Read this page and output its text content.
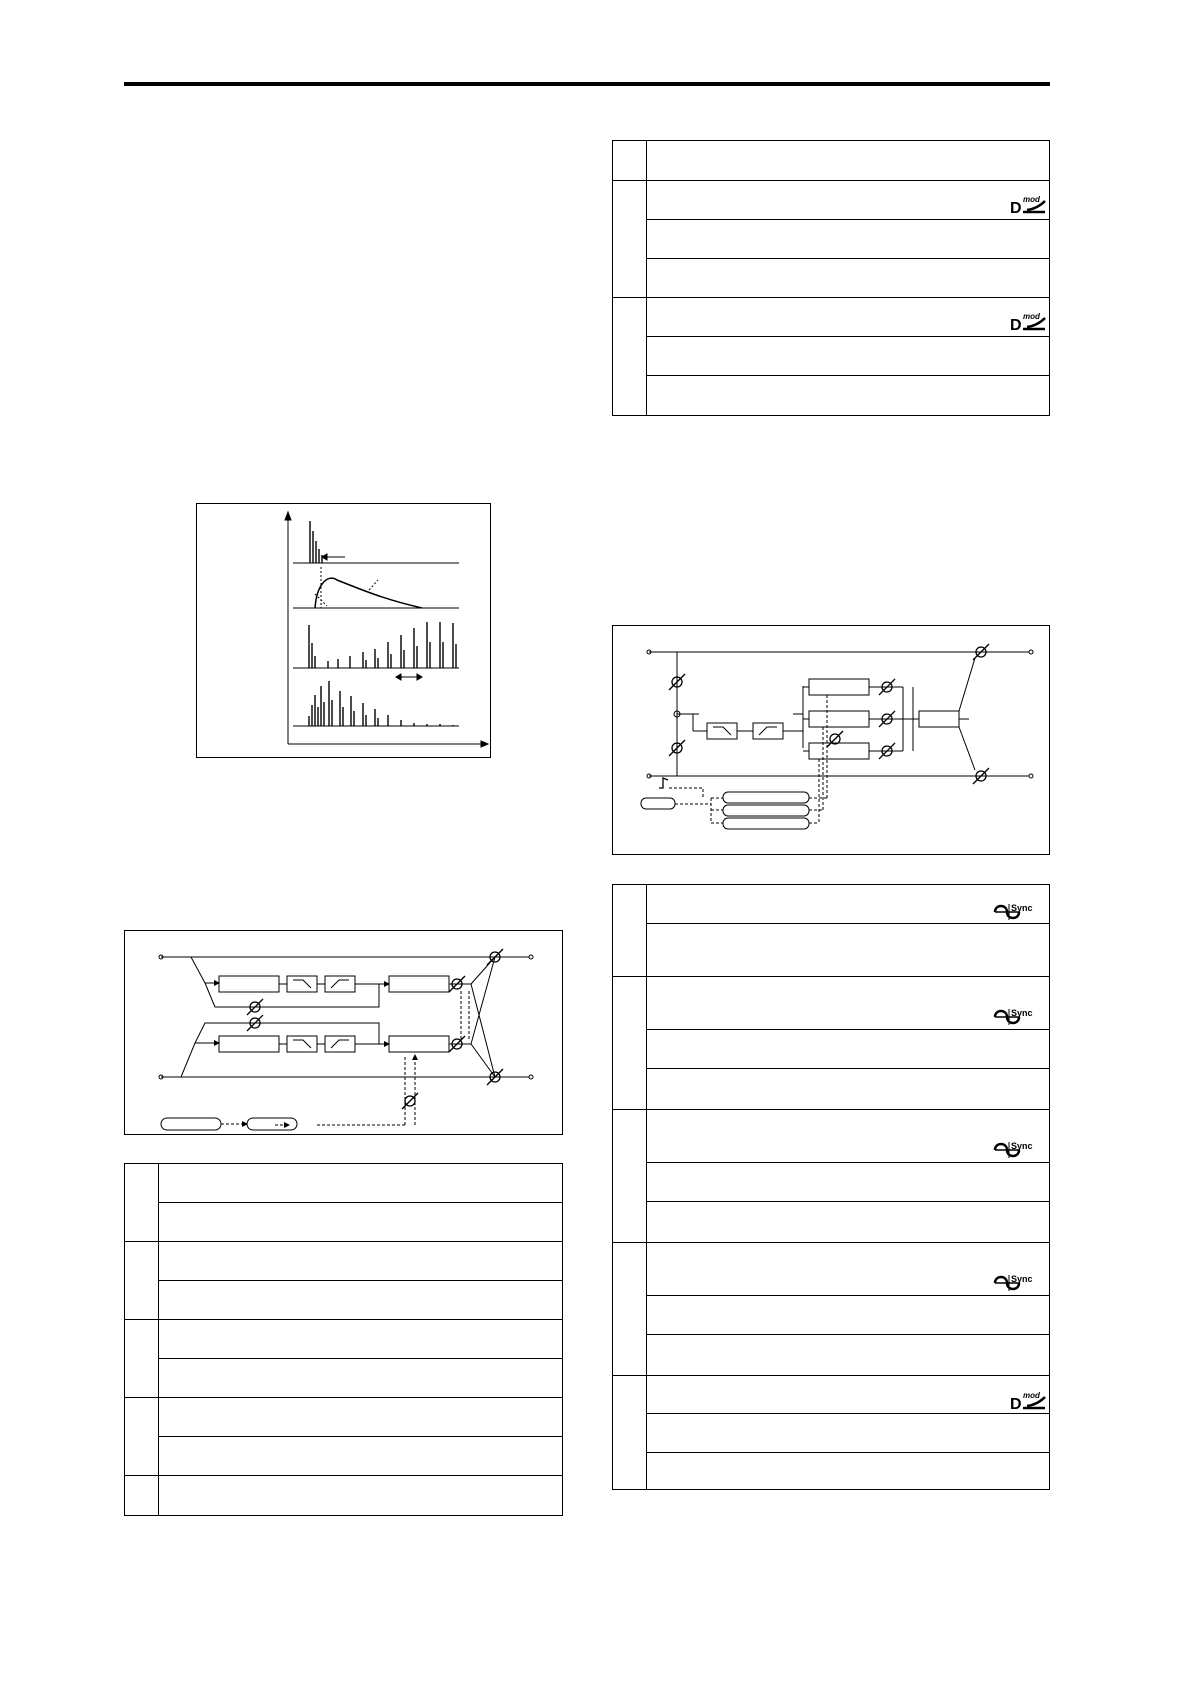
D
mod
D
mod
Sync
Sync
Sync
Sync
D
mod
